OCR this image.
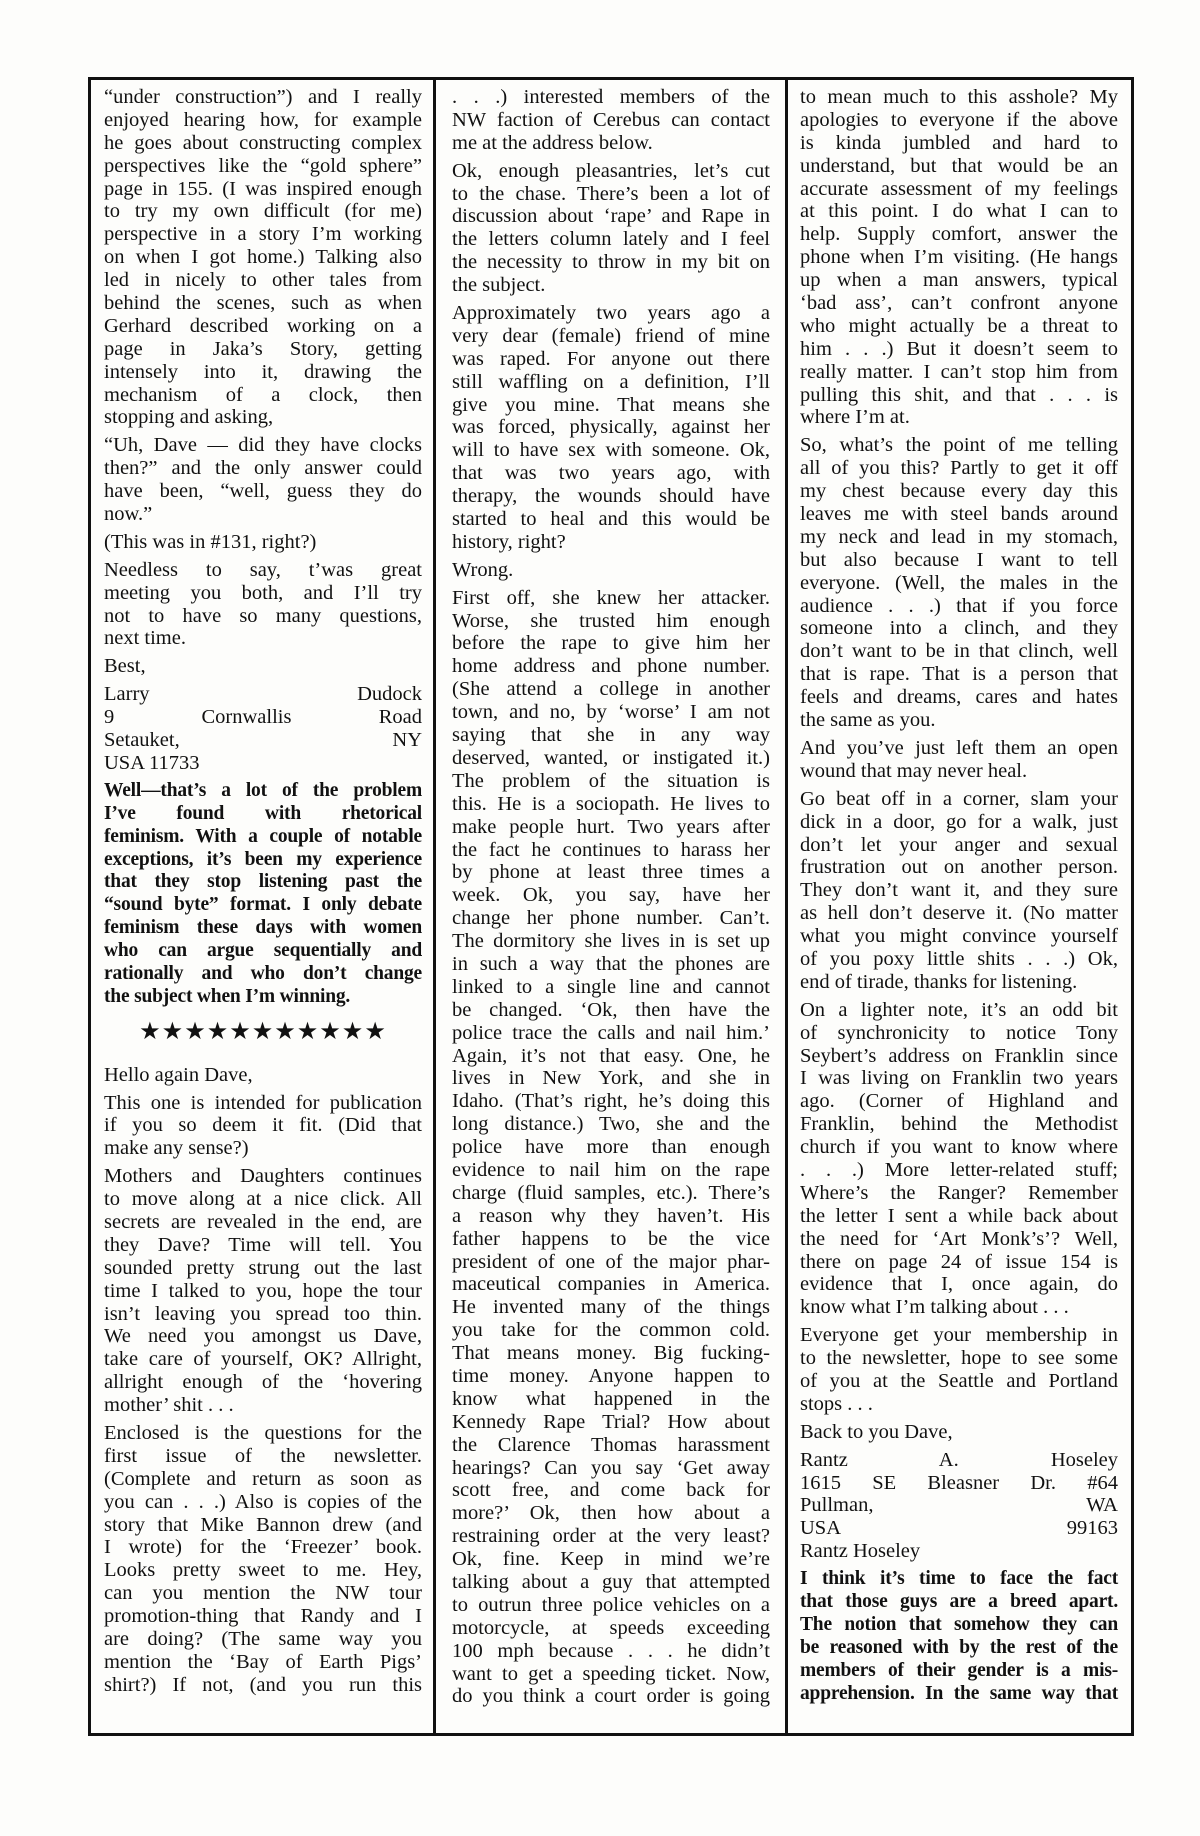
“under construction”) and I really
enjoyed hearing how, for example
he goes about constructing complex
perspectives like the “gold sphere”
page in 155. (I was inspired enough
to try my own difficult (for me)
perspective in a story I’m working
on when I got home.) Talking also
led in nicely to other tales from
behind the scenes, such as when
Gerhard described working on a
page in Jaka’s Story, getting
intensely into it, drawing the
mechanism of a clock, then
stopping and asking,
“Uh, Dave — did they have clocks
then?” and the only answer could
have been, “well, guess they do
now.”
(This was in #131, right?)
Needless to say, t’was great
meeting you both, and I’ll try
not to have so many questions,
next time.
Best,
Larry Dudock
9 Cornwallis Road
Setauket, NY
USA 11733
Well—that’s a lot of the problem
I’ve found with rhetorical
feminism. With a couple of notable
exceptions, it’s been my experience
that they stop listening past the
“sound byte” format. I only debate
feminism these days with women
who can argue sequentially and
rationally and who don’t change
the subject when I’m winning.
★★★★★★★★★★★
Hello again Dave,
This one is intended for publication
if you so deem it fit. (Did that
make any sense?)
Mothers and Daughters continues
to move along at a nice click. All
secrets are revealed in the end, are
they Dave? Time will tell. You
sounded pretty strung out the last
time I talked to you, hope the tour
isn’t leaving you spread too thin.
We need you amongst us Dave,
take care of yourself, OK? Allright,
allright enough of the ‘hovering
mother’ shit . . .
Enclosed is the questions for the
first issue of the newsletter.
(Complete and return as soon as
you can . . .) Also is copies of the
story that Mike Bannon drew (and
I wrote) for the ‘Freezer’ book.
Looks pretty sweet to me. Hey,
can you mention the NW tour
promotion-thing that Randy and I
are doing? (The same way you
mention the ‘Bay of Earth Pigs’
shirt?) If not, (and you run this
. . .) interested members of the
NW faction of Cerebus can contact
me at the address below.
Ok, enough pleasantries, let’s cut
to the chase. There’s been a lot of
discussion about ‘rape’ and Rape in
the letters column lately and I feel
the necessity to throw in my bit on
the subject.
Approximately two years ago a
very dear (female) friend of mine
was raped. For anyone out there
still waffling on a definition, I’ll
give you mine. That means she
was forced, physically, against her
will to have sex with someone. Ok,
that was two years ago, with
therapy, the wounds should have
started to heal and this would be
history, right?
Wrong.
First off, she knew her attacker.
Worse, she trusted him enough
before the rape to give him her
home address and phone number.
(She attend a college in another
town, and no, by ‘worse’ I am not
saying that she in any way
deserved, wanted, or instigated it.)
The problem of the situation is
this. He is a sociopath. He lives to
make people hurt. Two years after
the fact he continues to harass her
by phone at least three times a
week. Ok, you say, have her
change her phone number. Can’t.
The dormitory she lives in is set up
in such a way that the phones are
linked to a single line and cannot
be changed. ‘Ok, then have the
police trace the calls and nail him.’
Again, it’s not that easy. One, he
lives in New York, and she in
Idaho. (That’s right, he’s doing this
long distance.) Two, she and the
police have more than enough
evidence to nail him on the rape
charge (fluid samples, etc.). There’s
a reason why they haven’t. His
father happens to be the vice
president of one of the major phar-
maceutical companies in America.
He invented many of the things
you take for the common cold.
That means money. Big fucking-
time money. Anyone happen to
know what happened in the
Kennedy Rape Trial? How about
the Clarence Thomas harassment
hearings? Can you say ‘Get away
scott free, and come back for
more?’ Ok, then how about a
restraining order at the very least?
Ok, fine. Keep in mind we’re
talking about a guy that attempted
to outrun three police vehicles on a
motorcycle, at speeds exceeding
100 mph because . . . he didn’t
want to get a speeding ticket. Now,
do you think a court order is going
to mean much to this asshole? My
apologies to everyone if the above
is kinda jumbled and hard to
understand, but that would be an
accurate assessment of my feelings
at this point. I do what I can to
help. Supply comfort, answer the
phone when I’m visiting. (He hangs
up when a man answers, typical
‘bad ass’, can’t confront anyone
who might actually be a threat to
him . . .) But it doesn’t seem to
really matter. I can’t stop him from
pulling this shit, and that . . . is
where I’m at.
So, what’s the point of me telling
all of you this? Partly to get it off
my chest because every day this
leaves me with steel bands around
my neck and lead in my stomach,
but also because I want to tell
everyone. (Well, the males in the
audience . . .) that if you force
someone into a clinch, and they
don’t want to be in that clinch, well
that is rape. That is a person that
feels and dreams, cares and hates
the same as you.
And you’ve just left them an open
wound that may never heal.
Go beat off in a corner, slam your
dick in a door, go for a walk, just
don’t let your anger and sexual
frustration out on another person.
They don’t want it, and they sure
as hell don’t deserve it. (No matter
what you might convince yourself
of you poxy little shits . . .) Ok,
end of tirade, thanks for listening.
On a lighter note, it’s an odd bit
of synchronicity to notice Tony
Seybert’s address on Franklin since
I was living on Franklin two years
ago. (Corner of Highland and
Franklin, behind the Methodist
church if you want to know where
. . .) More letter-related stuff;
Where’s the Ranger? Remember
the letter I sent a while back about
the need for ‘Art Monk’s’? Well,
there on page 24 of issue 154 is
evidence that I, once again, do
know what I’m talking about . . .
Everyone get your membership in
to the newsletter, hope to see some
of you at the Seattle and Portland
stops . . .
Back to you Dave,
Rantz A. Hoseley
1615 SE Bleasner Dr. #64
Pullman, WA
USA 99163
Rantz Hoseley
I think it’s time to face the fact
that those guys are a breed apart.
The notion that somehow they can
be reasoned with by the rest of the
members of their gender is a mis-
apprehension. In the same way that
